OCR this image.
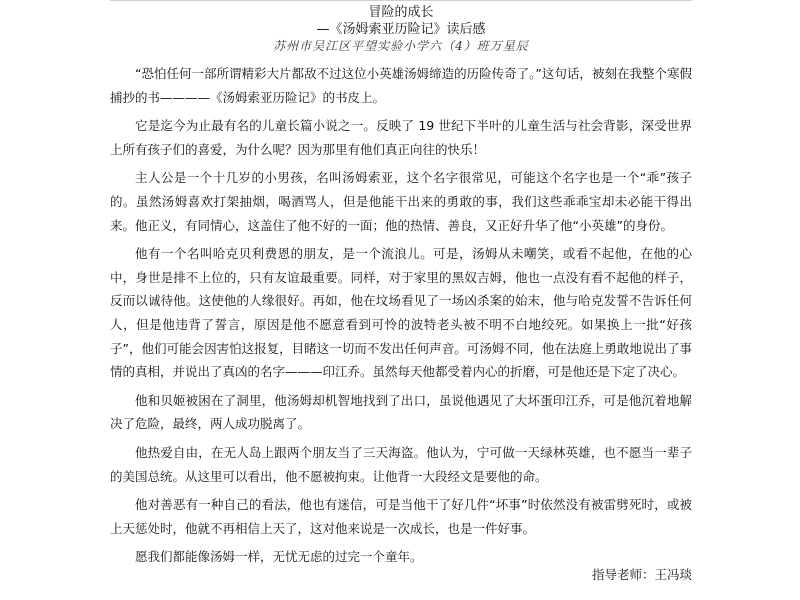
冒险的成长

—《汤姆索亚历险记》读后感

苏州市吴江区平望实验小学六（4）班万星辰

“恐怕任何一部所谓精彩大片都敌不过这位小英雄汤姆缔造的历险传奇了。”这句话，被刻在我整个寒假捕抄的书————《汤姆索亚历险记》的书皮上。

它是迄今为止最有名的儿童长篇小说之一。反映了 19 世纪下半叶的儿童生活与社会背影，深受世界上所有孩子们的喜爱，为什么呢？因为那里有他们真正向往的快乐！

主人公是一个十几岁的小男孩，名叫汤姆索亚，这个名字很常见，可能这个名字也是一个“乖”孩子的。虽然汤姆喜欢打架抽烟，喝酒骂人，但是他能干出来的勇敢的事，我们这些乖乖宝却未必能干得出来。他正义，有同情心，这盖住了他不好的一面；他的热情、善良，又正好升华了他“小英雄”的身份。

他有一个名叫哈克贝利费恩的朋友，是一个流浪儿。可是，汤姆从未嘲笑，或看不起他，在他的心中，身世是排不上位的，只有友谊最重要。同样，对于家里的黑奴吉姆，他也一点没有看不起他的样子，反而以诚待他。这使他的人缘很好。再如，他在坟场看见了一场凶杀案的始末，他与哈克发誓不告诉任何人，但是他违背了誓言，原因是他不愿意看到可怜的波特老头被不明不白地绞死。如果换上一批“好孩子”，他们可能会因害怕这报复，目睹这一切而不发出任何声音。可汤姆不同，他在法庭上勇敢地说出了事情的真相，并说出了真凶的名字———印江乔。虽然每天他都受着内心的折磨，可是他还是下定了决心。

他和贝姬被困在了洞里，他汤姆却机智地找到了出口，虽说他遇见了大坏蛋印江乔，可是他沉着地解决了危险，最终，两人成功脱离了。

他热爱自由，在无人岛上跟两个朋友当了三天海盗。他认为，宁可做一天绿林英雄，也不愿当一辈子的美国总统。从这里可以看出，他不愿被拘束。让他背一大段经文是要他的命。

他对善恶有一种自己的看法，他也有迷信，可是当他干了好几件“坏事”时依然没有被雷劈死时，或被上天惩处时，他就不再相信上天了，这对他来说是一次成长，也是一件好事。

愿我们都能像汤姆一样，无忧无虑的过完一个童年。

指导老师：王冯琰
